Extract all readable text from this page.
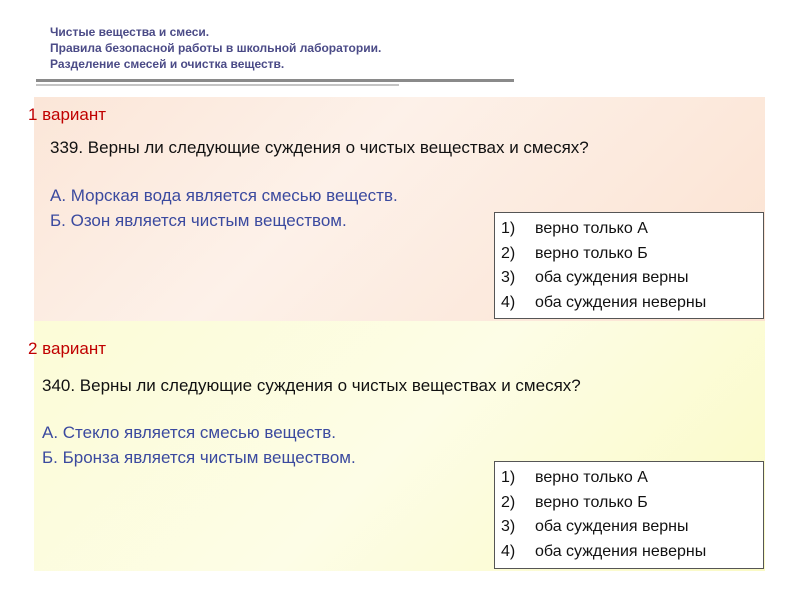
Чистые вещества и смеси.
Правила безопасной работы в школьной лаборатории.
Разделение смесей и очистка веществ.
1 вариант
339. Верны ли следующие суждения о чистых веществах и смесях?
А. Морская вода является смесью веществ.
Б. Озон является чистым веществом.	1)	верно только А
2)	верно только Б
3)	оба суждения верны
4)	оба суждения неверны
2 вариант
340. Верны ли следующие суждения о чистых веществах и смесях?
А. Стекло является смесью веществ.
Б. Бронза является чистым веществом.
1)	верно только А
2)	верно только Б
3)	оба суждения верны
4)	оба суждения неверны
